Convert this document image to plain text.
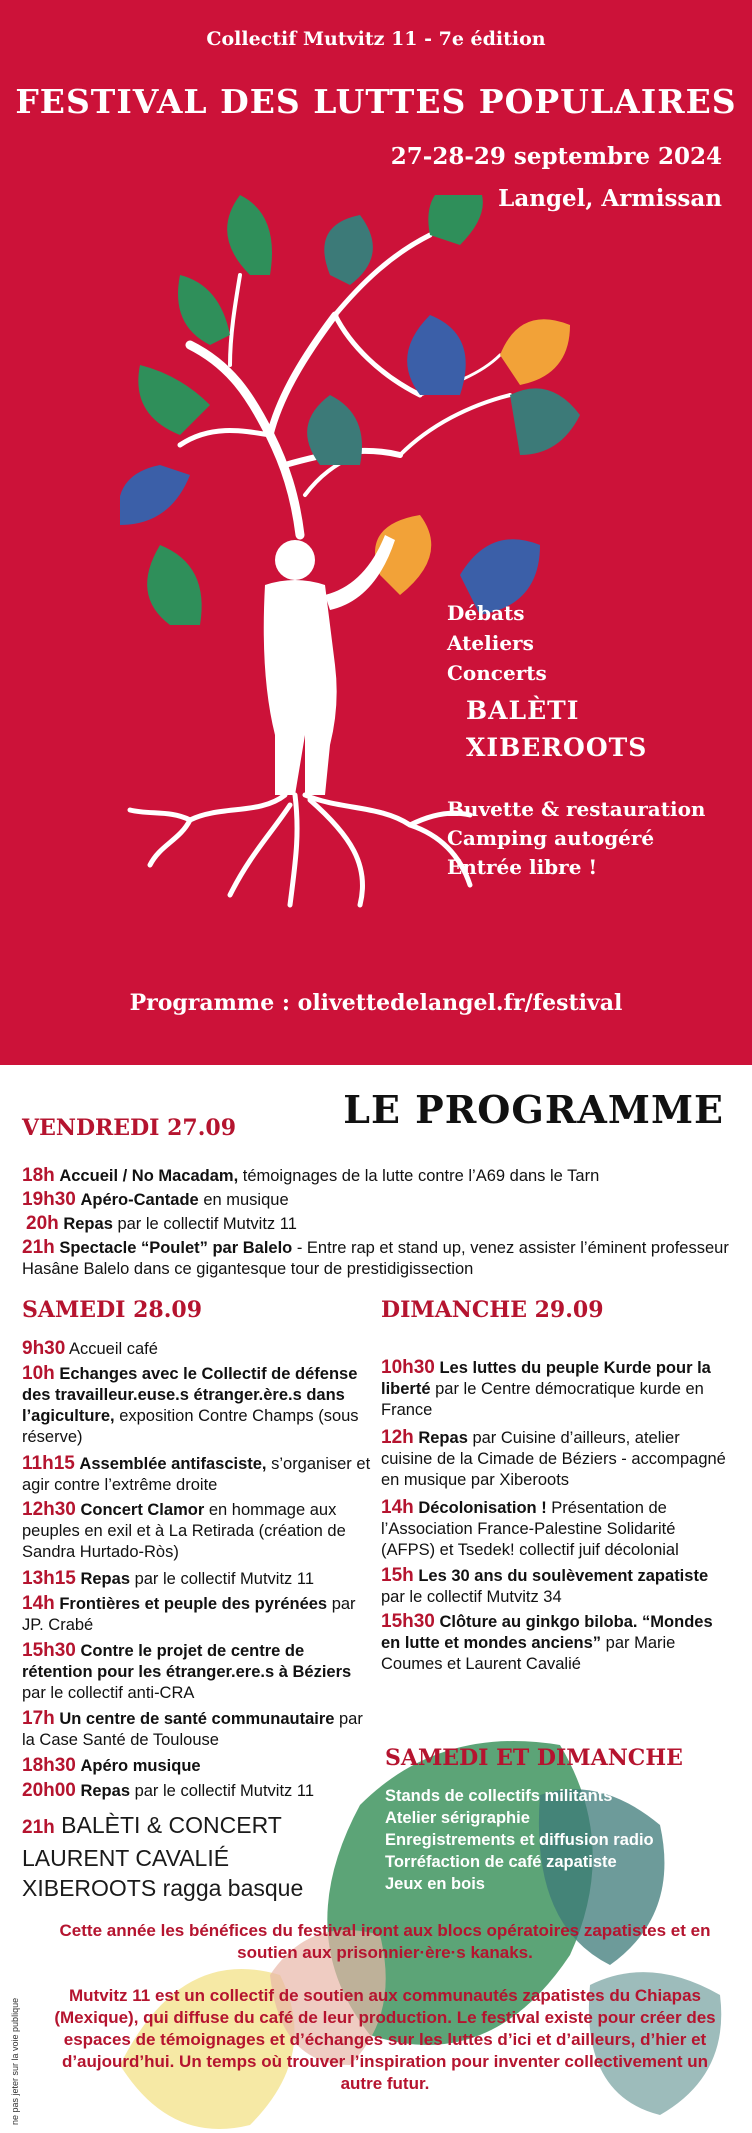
Collectif Mutvitz 11 - 7e édition
FESTIVAL DES LUTTES POPULAIRES
27-28-29 septembre 2024
Langel, Armissan
Débats
Ateliers
Concerts
BALÈTI
XIBEROOTS
Buvette & restauration
Camping autogéré
Entrée libre !
Programme : olivettedelangel.fr/festival
LE PROGRAMME
VENDREDI 27.09
18h Accueil / No Macadam, témoignages de la lutte contre l’A69 dans le Tarn
19h30 Apéro-Cantade en musique
20h Repas par le collectif Mutvitz 11
21h Spectacle “Poulet” par Balelo - Entre rap et stand up, venez assister l’éminent professeur Hasâne Balelo dans ce gigantesque tour de prestidigissection
SAMEDI 28.09
9h30 Accueil café
10h Echanges avec le Collectif de défense des travailleur.euse.s étranger.ère.s dans l’agiculture, exposition Contre Champs (sous réserve)
11h15 Assemblée antifasciste, s’organiser et agir contre l’extrême droite
12h30 Concert Clamor en hommage aux peuples en exil et à La Retirada (création de Sandra Hurtado-Ròs)
13h15 Repas par le collectif Mutvitz 11
14h Frontières et peuple des pyrénées par JP. Crabé
15h30 Contre le projet de centre de rétention pour les étranger.ere.s à Béziers par le collectif anti-CRA
17h Un centre de santé communautaire par la Case Santé de Toulouse
18h30 Apéro musique
20h00 Repas par le collectif Mutvitz 11
21h BALÈTI & CONCERT
LAURENT CAVALIÉ
XIBEROOTS ragga basque
DIMANCHE 29.09
10h30 Les luttes du peuple Kurde pour la liberté par le Centre démocratique kurde en France
12h Repas par Cuisine d’ailleurs, atelier cuisine de la Cimade de Béziers - accompagné en musique par Xiberoots
14h Décolonisation ! Présentation de l’Association France-Palestine Solidarité (AFPS) et Tsedek! collectif juif décolonial
15h Les 30 ans du soulèvement zapatiste par le collectif Mutvitz 34
15h30 Clôture au ginkgo biloba. “Mondes en lutte et mondes anciens” par Marie Coumes et Laurent Cavalié
SAMEDI ET DIMANCHE
Stands de collectifs militants
Atelier sérigraphie
Enregistrements et diffusion radio
Torréfaction de café zapatiste
Jeux en bois
Cette année les bénéfices du festival iront aux blocs opératoires zapatistes et en soutien aux prisonnier·ère·s kanaks.
Mutvitz 11 est un collectif de soutien aux communautés zapatistes du Chiapas (Mexique), qui diffuse du café de leur production. Le festival existe pour créer des espaces de témoignages et d’échanges sur les luttes d’ici et d’ailleurs, d’hier et d’aujourd’hui. Un temps où trouver l’inspiration pour inventer collectivement un autre futur.
ne pas jeter sur la voie publique
